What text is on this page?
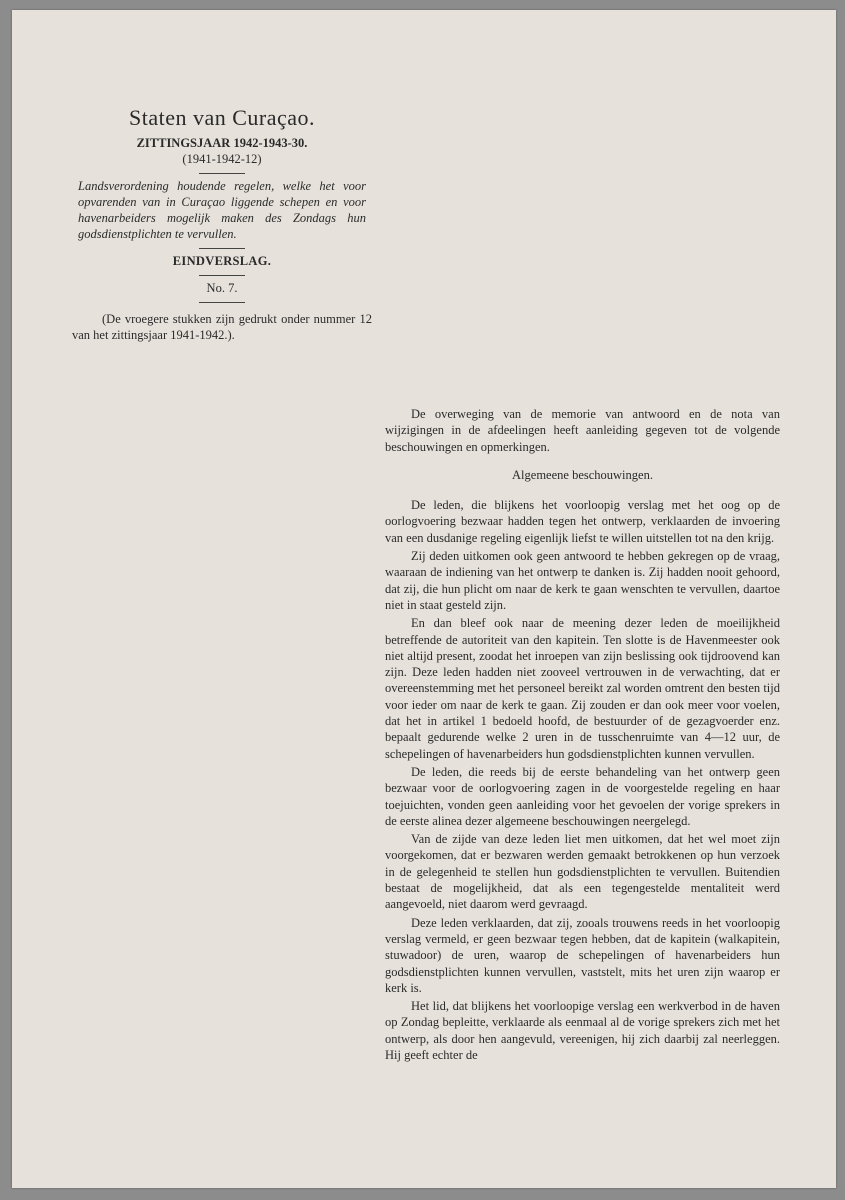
Staten van Curaçao.
ZITTINGSJAAR 1942-1943-30.
(1941-1942-12)
Landsverordening houdende regelen, welke het voor opvarenden van in Curaçao liggende schepen en voor havenarbeiders mogelijk maken des Zondags hun godsdienstplichten te vervullen.
EINDVERSLAG.
No. 7.
(De vroegere stukken zijn gedrukt onder nummer 12 van het zittingsjaar 1941-1942.).

De overweging van de memorie van antwoord en de nota van wijzigingen in de afdeelingen heeft aanleiding gegeven tot de volgende beschouwingen en opmerkingen.

Algemeene beschouwingen.

De leden, die blijkens het voorloopig verslag met het oog op de oorlogvoering bezwaar hadden tegen het ontwerp, verklaarden de invoering van een dusdanige regeling eigenlijk liefst te willen uitstellen tot na den krijg.

Zij deden uitkomen ook geen antwoord te hebben gekregen op de vraag, waaraan de indiening van het ontwerp te danken is. Zij hadden nooit gehoord, dat zij, die hun plicht om naar de kerk te gaan wenschten te vervullen, daartoe niet in staat gesteld zijn.

En dan bleef ook naar de meening dezer leden de moeilijkheid betreffende de autoriteit van den kapitein. Ten slotte is de Havenmeester ook niet altijd present, zoodat het inroepen van zijn beslissing ook tijdroovend kan zijn. Deze leden hadden niet zooveel vertrouwen in de verwachting, dat er overeenstemming met het personeel bereikt zal worden omtrent den besten tijd voor ieder om naar de kerk te gaan. Zij zouden er dan ook meer voor voelen, dat het in artikel 1 bedoeld hoofd, de bestuurder of de gezagvoerder enz. bepaalt gedurende welke 2 uren in de tusschenruimte van 4—12 uur, de schepelingen of havenarbeiders hun godsdienstplichten kunnen vervullen.

De leden, die reeds bij de eerste behandeling van het ontwerp geen bezwaar voor de oorlogvoering zagen in de voorgestelde regeling en haar toejuichten, vonden geen aanleiding voor het gevoelen der vorige sprekers in de eerste alinea dezer algemeene beschouwingen neergelegd.

Van de zijde van deze leden liet men uitkomen, dat het wel moet zijn voorgekomen, dat er bezwaren werden gemaakt betrokkenen op hun verzoek in de gelegenheid te stellen hun godsdienstplichten te vervullen. Buitendien bestaat de mogelijkheid, dat als een tegengestelde mentaliteit werd aangevoeld, niet daarom werd gevraagd.

Deze leden verklaarden, dat zij, zooals trouwens reeds in het voorloopig verslag vermeld, er geen bezwaar tegen hebben, dat de kapitein (walkapitein, stuwadoor) de uren, waarop de schepelingen of havenarbeiders hun godsdienstplichten kunnen vervullen, vaststelt, mits het uren zijn waarop er kerk is.

Het lid, dat blijkens het voorloopige verslag een werkverbod in de haven op Zondag bepleitte, verklaarde als eenmaal al de vorige sprekers zich met het ontwerp, als door hen aangevuld, vereenigen, hij zich daarbij zal neerleggen. Hij geeft echter de
